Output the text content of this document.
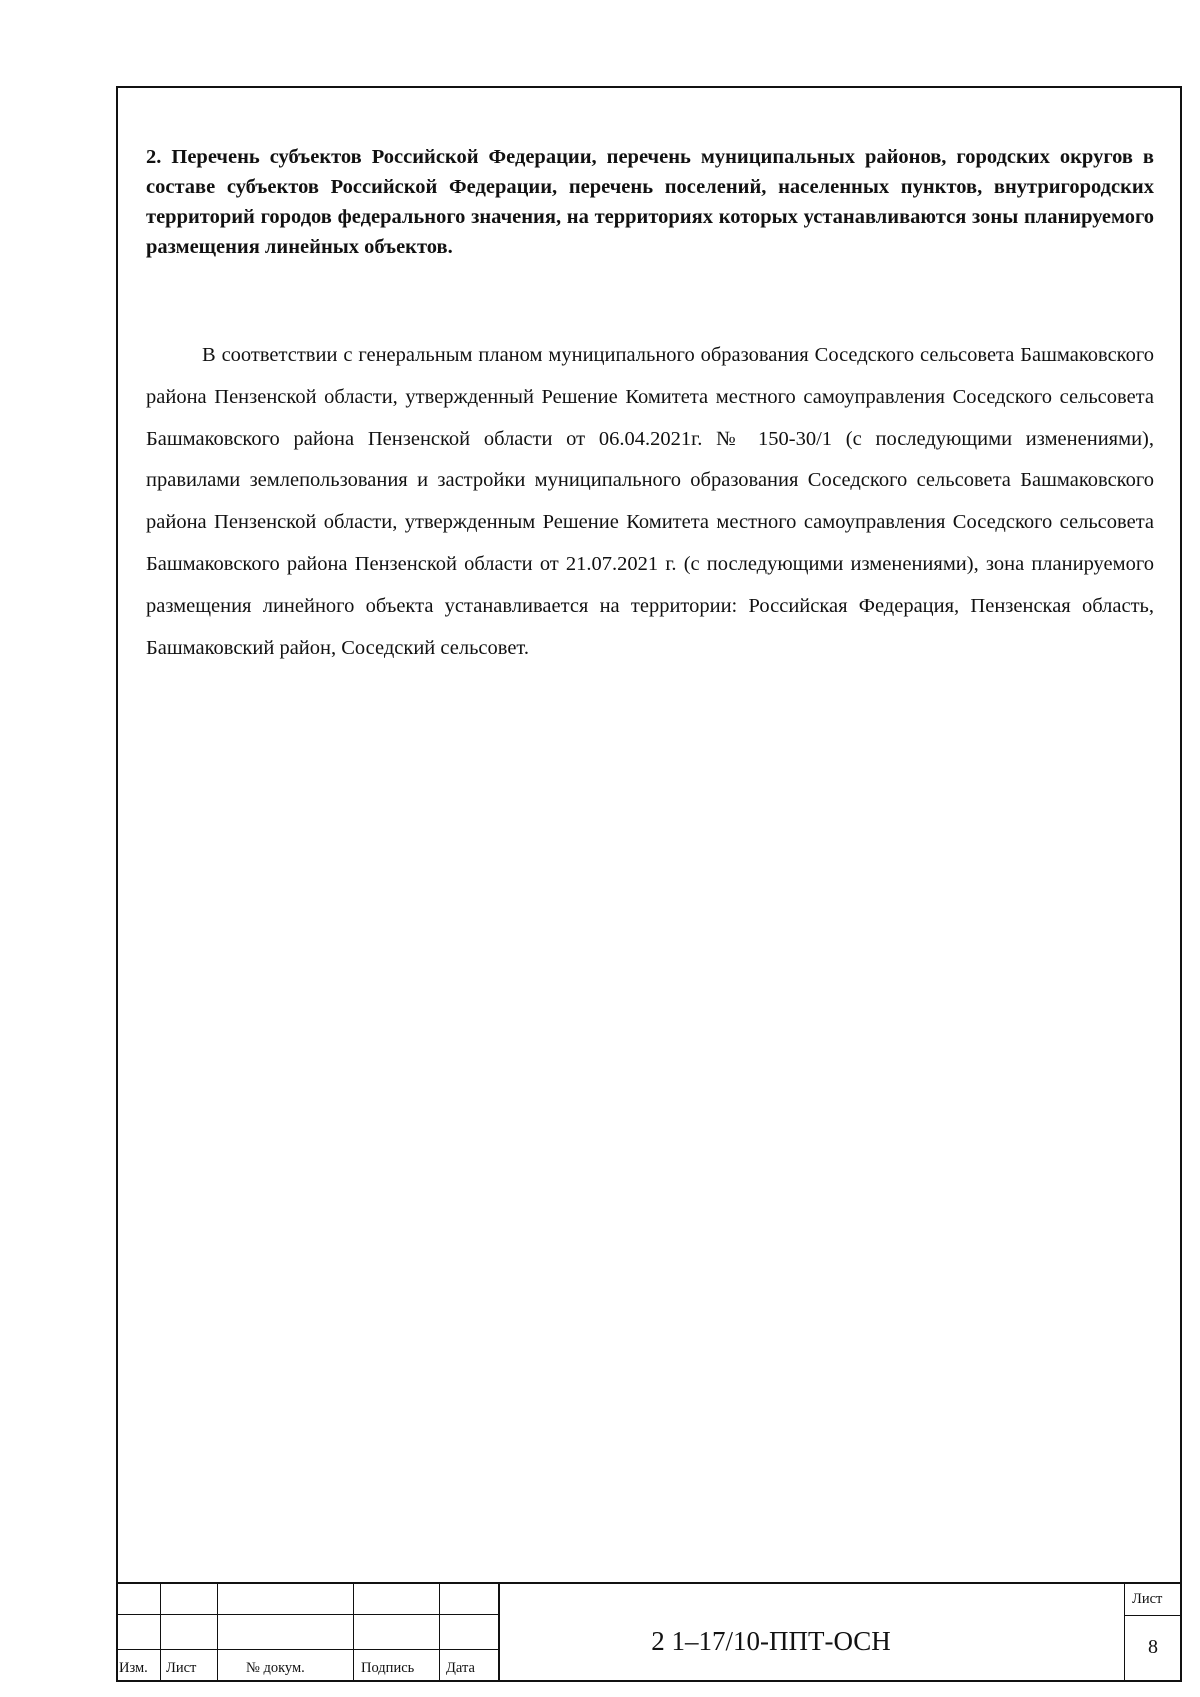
2. Перечень субъектов Российской Федерации, перечень муниципальных районов, городских округов в составе субъектов Российской Федерации, перечень поселений, населенных пунктов, внутригородских территорий городов федерального значения, на территориях которых устанавливаются зоны планируемого размещения линейных объектов.

В соответствии с генеральным планом муниципального образования Соседского сельсовета Башмаковского района Пензенской области, утвержденный Решение Комитета местного самоуправления Соседского сельсовета Башмаковского района Пензенской области от 06.04.2021г. № 150-30/1 (с последующими изменениями), правилами землепользования и застройки муниципального образования Соседского сельсовета Башмаковского района Пензенской области, утвержденным Решение Комитета местного самоуправления Соседского сельсовета Башмаковского района Пензенской области от 21.07.2021 г. (с последующими изменениями), зона планируемого размещения линейного объекта устанавливается на территории: Российская Федерация, Пензенская область, Башмаковский район, Соседский сельсовет.

Изм. Лист	№ докум.	Подпись Дата
2 1–17/10-ППТ-ОСН
Лист
8
